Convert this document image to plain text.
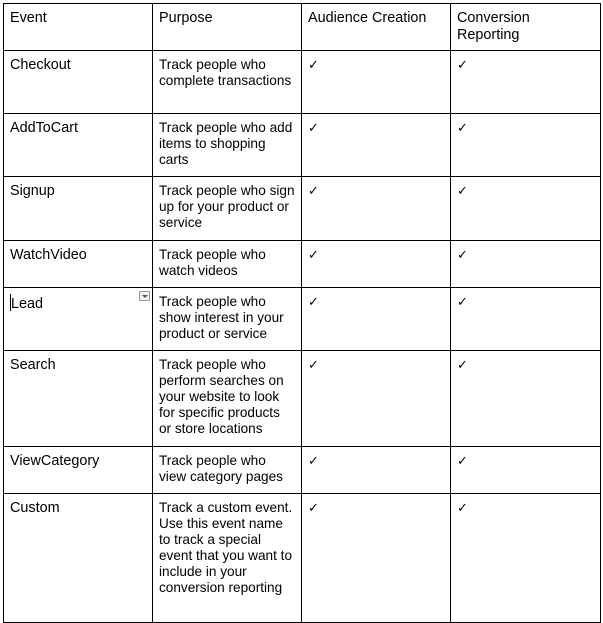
Event	Purpose	Audience Creation	Conversion Reporting
Checkout	Track people who complete transactions	✓	✓
AddToCart	Track people who add items to shopping carts	✓	✓
Signup	Track people who sign up for your product or service	✓	✓
WatchVideo	Track people who watch videos	✓	✓
Lead	Track people who show interest in your product or service	✓	✓
Search	Track people who perform searches on your website to look for specific products or store locations	✓	✓
ViewCategory	Track people who view category pages	✓	✓
Custom	Track a custom event. Use this event name to track a special event that you want to include in your conversion reporting	✓	✓
